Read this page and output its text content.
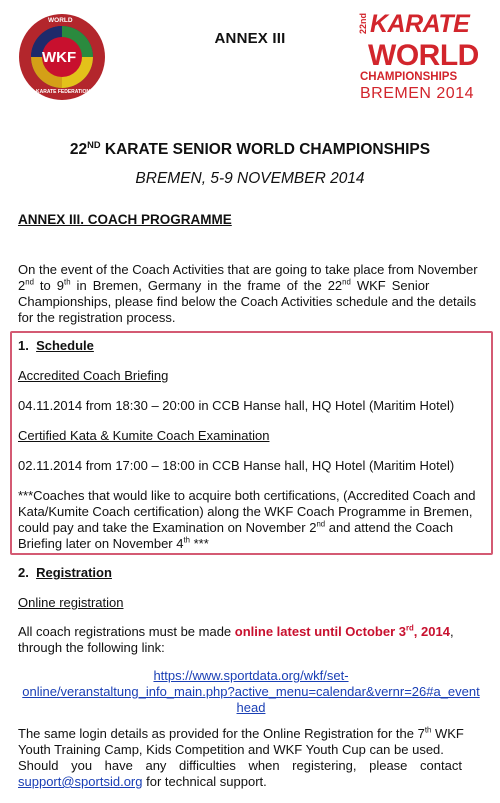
WORLD
WKF
KARATE FEDERATION
ANNEX III
22nd KARATE
WORLD
CHAMPIONSHIPS
BREMEN 2014
22ND KARATE SENIOR WORLD CHAMPIONSHIPS
BREMEN, 5-9 NOVEMBER 2014
ANNEX III. COACH PROGRAMME
On the event of the Coach Activities that are going to take place from November
2nd to 9th in Bremen, Germany in the frame of the 22nd WKF Senior
Championships, please find below the Coach Activities schedule and the details
for the registration process.
1. Schedule
Accredited Coach Briefing
04.11.2014 from 18:30 – 20:00 in CCB Hanse hall, HQ Hotel (Maritim Hotel)
Certified Kata & Kumite Coach Examination
02.11.2014 from 17:00 – 18:00 in CCB Hanse hall, HQ Hotel (Maritim Hotel)
***Coaches that would like to acquire both certifications, (Accredited Coach and
Kata/Kumite Coach certification) along the WKF Coach Programme in Bremen,
could pay and take the Examination on November 2nd and attend the Coach
Briefing later on November 4th ***
2. Registration
Online registration
All coach registrations must be made online latest until October 3rd, 2014,
through the following link:
https://www.sportdata.org/wkf/set-
online/veranstaltung_info_main.php?active_menu=calendar&vernr=26#a_event
head
The same login details as provided for the Online Registration for the 7th WKF
Youth Training Camp, Kids Competition and WKF Youth Cup can be used.
Should you have any difficulties when registering, please contact
support@sportsid.org for technical support.
